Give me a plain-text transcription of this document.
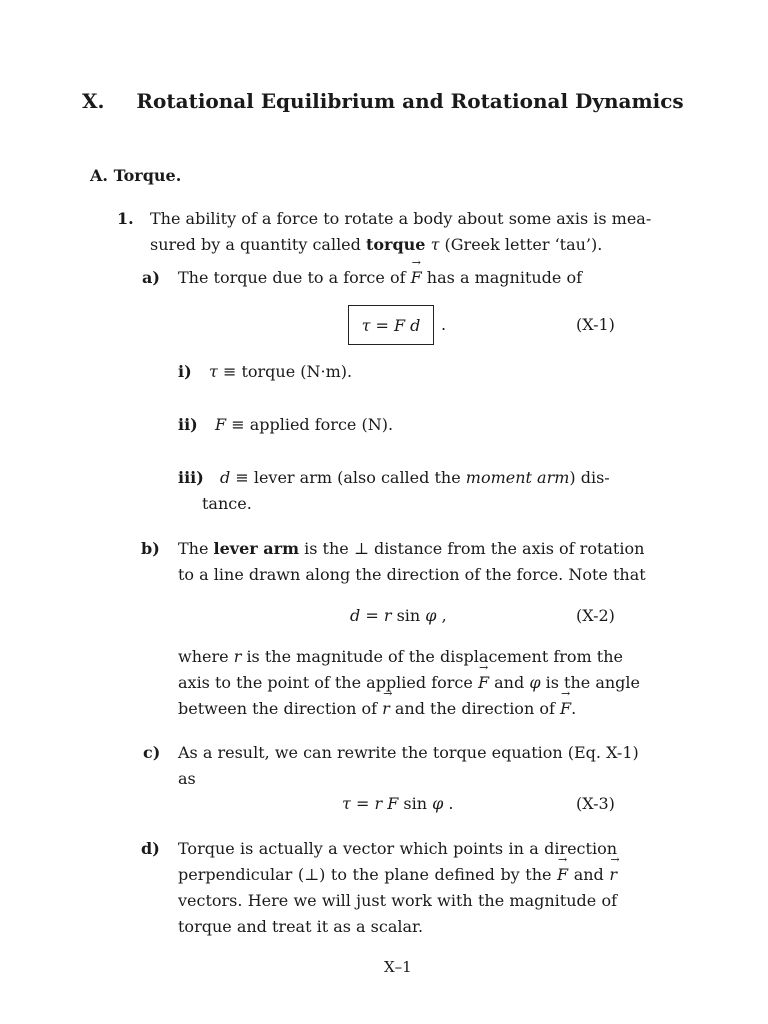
X. Rotational Equilibrium and Rotational Dynamics
A. Torque.
1. The ability of a force to rotate a body about some axis is mea-
sured by a quantity called torque τ (Greek letter ‘tau’).
a) The torque due to a force of → F has a magnitude of
τ = F d .	(X-1)
i) τ ≡ torque (N·m).
ii) F ≡ applied force (N).
iii) d ≡ lever arm (also called the moment arm) dis-
tance.
b) The lever arm is the ⊥ distance from the axis of rotation
to a line drawn along the direction of the force. Note that
d = r sin φ ,	(X-2)
where r is the magnitude of the displacement from the
axis to the point of the applied force → F and φ is the angle
between the direction of → r and the direction of → F.
c) As a result, we can rewrite the torque equation (Eq. X-1)
as
τ = r F sin φ .	(X-3)
d) Torque is actually a vector which points in a direction
perpendicular (⊥) to the plane defined by the → F and → r
vectors. Here we will just work with the magnitude of
torque and treat it as a scalar.
X–1
